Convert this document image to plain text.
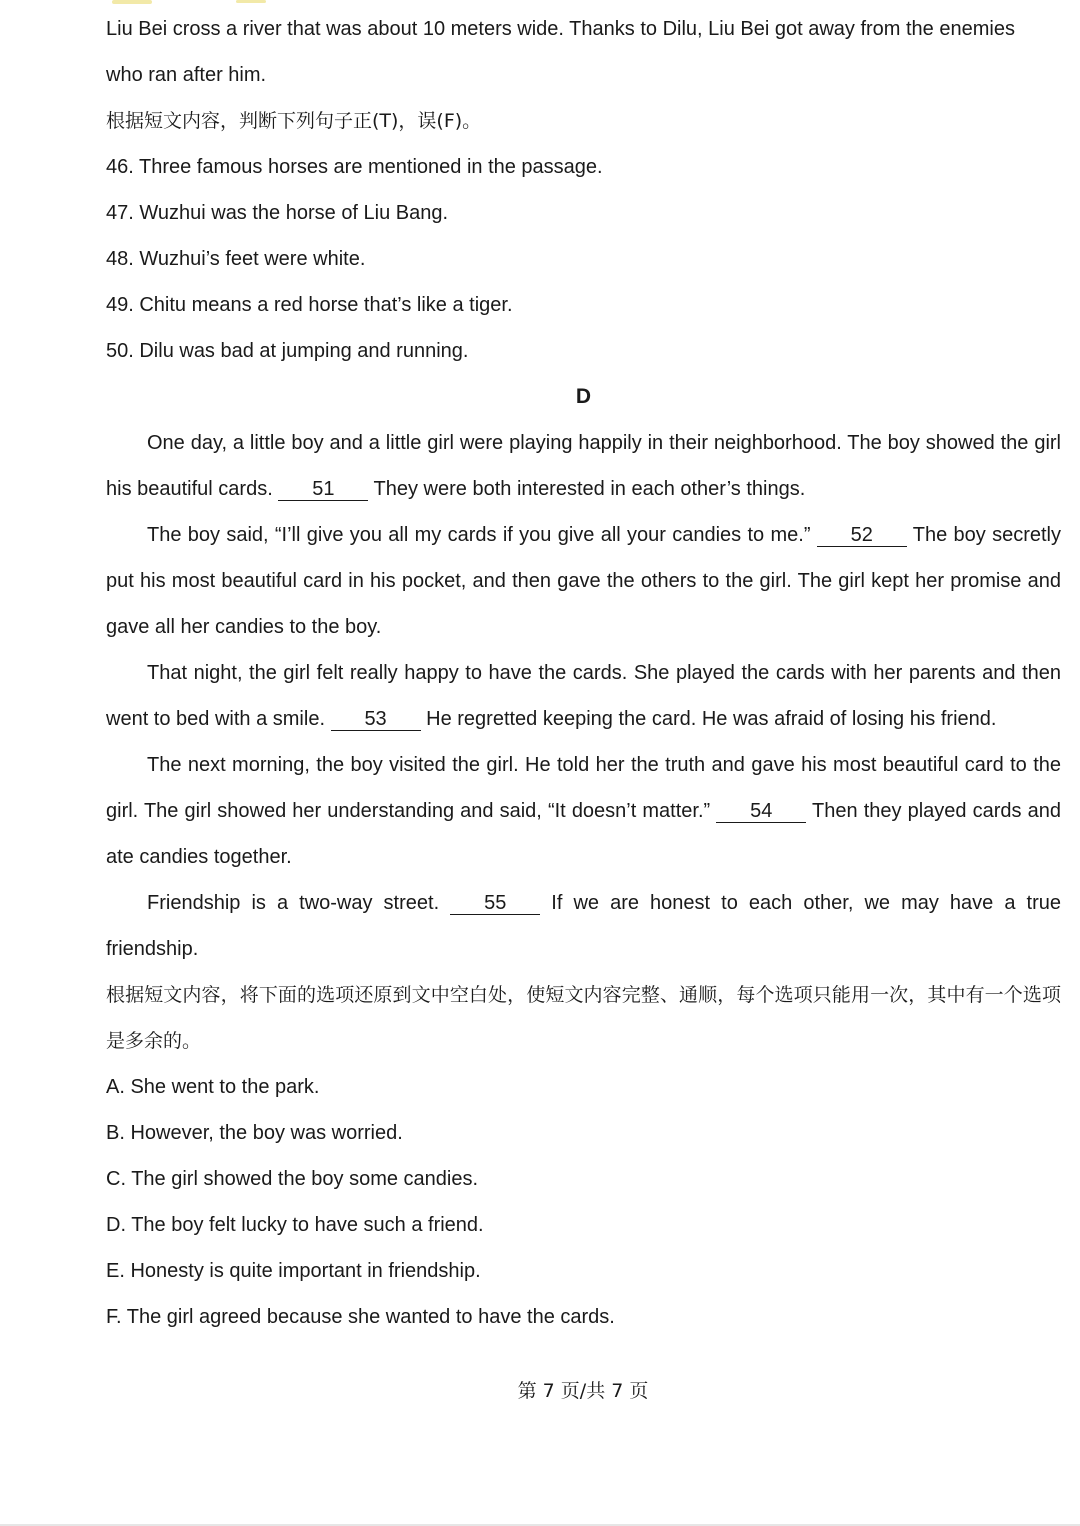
Liu Bei cross a river that was about 10 meters wide. Thanks to Dilu, Liu Bei got away from the enemies

who ran after him.

根据短文内容，判断下列句子正(T)，误(F)。

46. Three famous horses are mentioned in the passage.

47. Wuzhui was the horse of Liu Bang.

48. Wuzhui’s feet were white.

49. Chitu means a red horse that’s like a tiger.

50. Dilu was bad at jumping and running.

D

One day, a little boy and a little girl were playing happily in their neighborhood. The boy showed the girl his beautiful cards. 51 They were both interested in each other’s things.

The boy said, “I’ll give you all my cards if you give all your candies to me.” 52 The boy secretly put his most beautiful card in his pocket, and then gave the others to the girl. The girl kept her promise and gave all her candies to the boy.

That night, the girl felt really happy to have the cards. She played the cards with her parents and then went to bed with a smile. 53 He regretted keeping the card. He was afraid of losing his friend.

The next morning, the boy visited the girl. He told her the truth and gave his most beautiful card to the girl. The girl showed her understanding and said, “It doesn’t matter.” 54 Then they played cards and ate candies together.

Friendship is a two-way street. 55 If we are honest to each other, we may have a true friendship.

根据短文内容，将下面的选项还原到文中空白处，使短文内容完整、通顺，每个选项只能用一次，其中有一个选项是多余的。

A. She went to the park.

B. However, the boy was worried.

C. The girl showed the boy some candies.

D. The boy felt lucky to have such a friend.

E. Honesty is quite important in friendship.

F. The girl agreed because she wanted to have the cards.

第 7 页/共 7 页
